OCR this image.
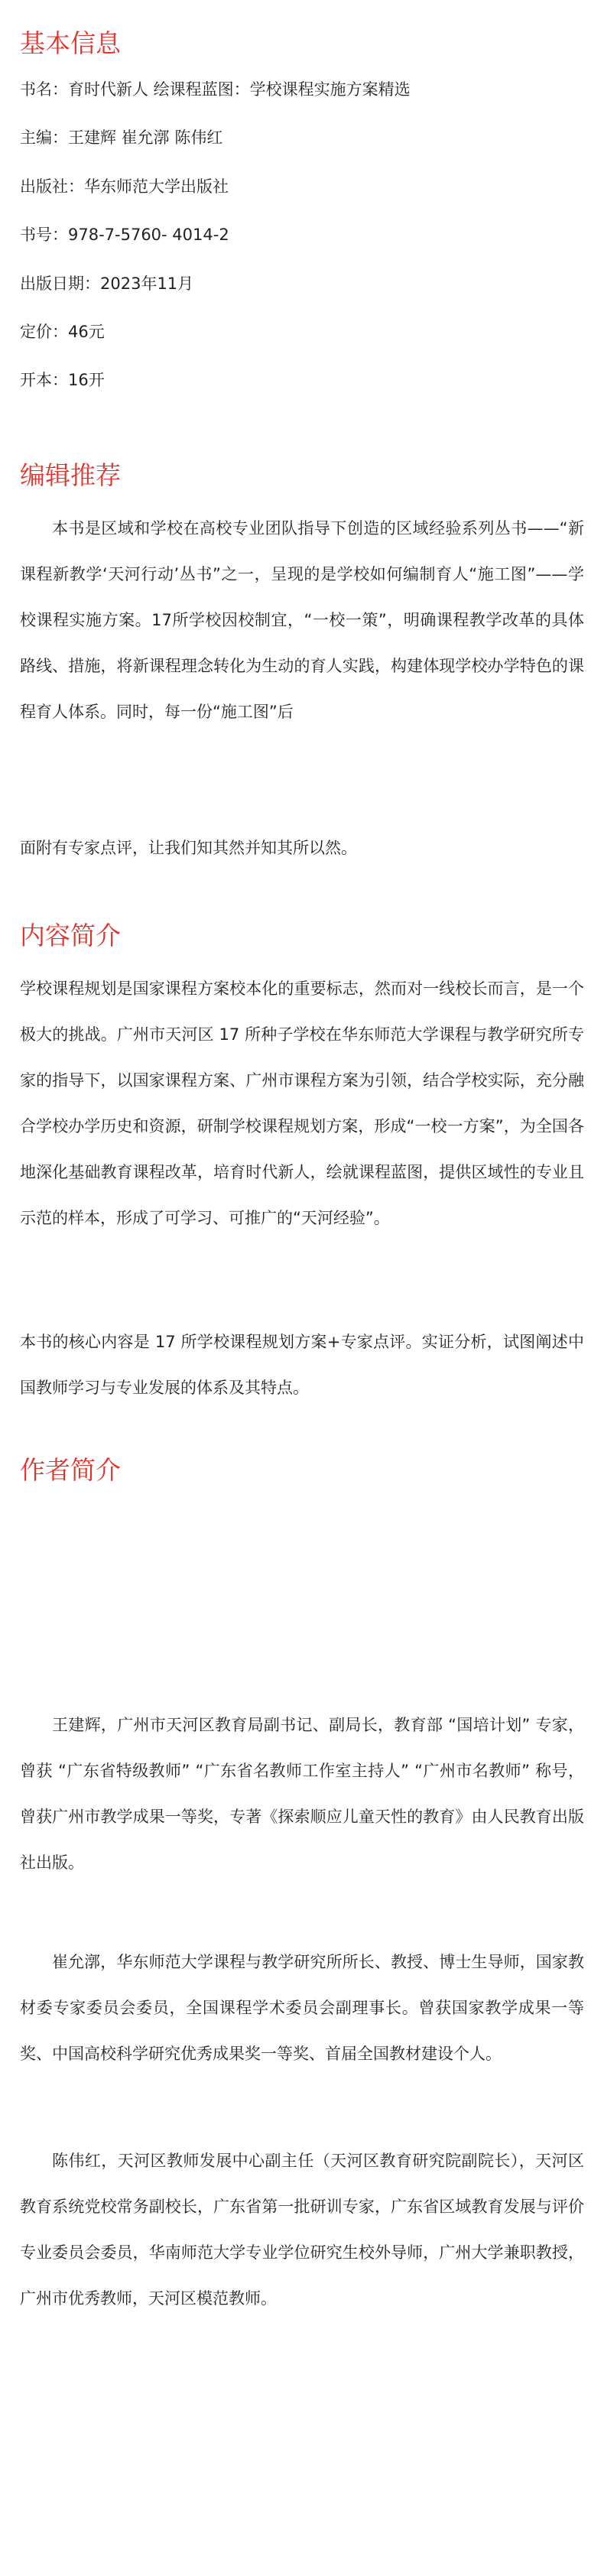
基本信息

书名：育时代新人 绘课程蓝图：学校课程实施方案精选

主编：王建辉 崔允漷 陈伟红

出版社：华东师范大学出版社

书号：978-7-5760- 4014-2

出版日期：2023年11月

定价：46元

开本：16开

编辑推荐

本书是区域和学校在高校专业团队指导下创造的区域经验系列丛书——“新课程新教学‘天河行动’丛书”之一，呈现的是学校如何编制育人“施工图”——学校课程实施方案。17所学校因校制宜，“一校一策”，明确课程教学改革的具体路线、措施，将新课程理念转化为生动的育人实践，构建体现学校办学特色的课程育人体系。同时，每一份“施工图”后

面附有专家点评，让我们知其然并知其所以然。

内容简介

学校课程规划是国家课程方案校本化的重要标志，然而对一线校长而言，是一个极大的挑战。广州市天河区 17 所种子学校在华东师范大学课程与教学研究所专家的指导下，以国家课程方案、广州市课程方案为引领，结合学校实际，充分融合学校办学历史和资源，研制学校课程规划方案，形成“一校一方案”，为全国各地深化基础教育课程改革，培育时代新人，绘就课程蓝图，提供区域性的专业且示范的样本，形成了可学习、可推广的“天河经验”。

本书的核心内容是 17 所学校课程规划方案+专家点评。实证分析，试图阐述中国教师学习与专业发展的体系及其特点。

作者简介

王建辉，广州市天河区教育局副书记、副局长，教育部 “国培计划” 专家，曾获 “广东省特级教师” “广东省名教师工作室主持人” “广州市名教师” 称号，曾获广州市教学成果一等奖，专著《探索顺应儿童天性的教育》由人民教育出版社出版。

崔允漷，华东师范大学课程与教学研究所所长、教授、博士生导师，国家教材委专家委员会委员，全国课程学术委员会副理事长。曾获国家教学成果一等奖、中国高校科学研究优秀成果奖一等奖、首届全国教材建设个人。

陈伟红，天河区教师发展中心副主任（天河区教育研究院副院长），天河区教育系统党校常务副校长，广东省第一批研训专家，广东省区域教育发展与评价专业委员会委员，华南师范大学专业学位研究生校外导师，广州大学兼职教授，广州市优秀教师，天河区模范教师。
